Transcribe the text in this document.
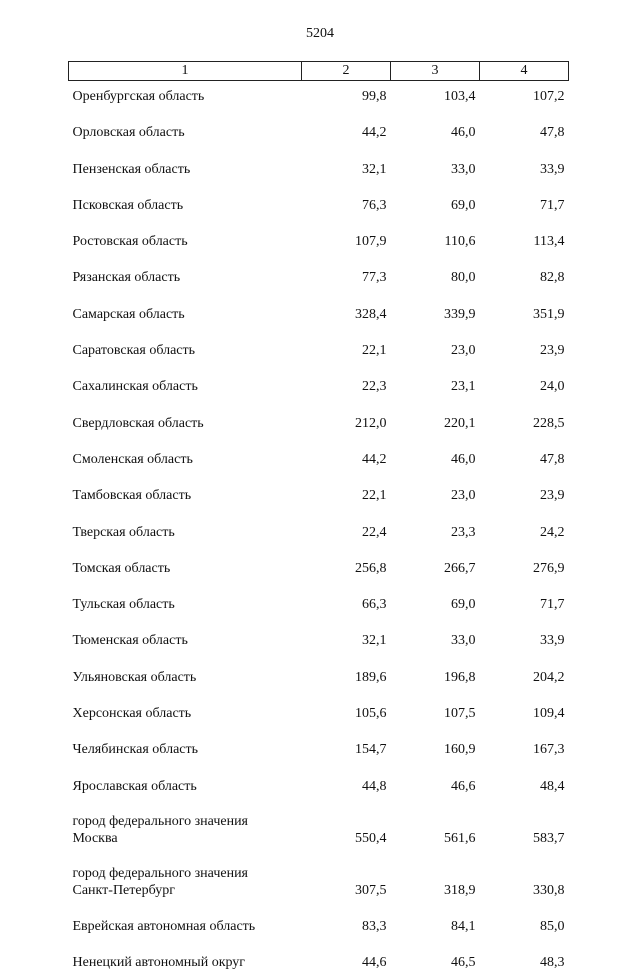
5204
1	2	3	4

Оренбургская область	99,8	103,4	107,2

Орловская область	44,2	46,0	47,8

Пензенская область	32,1	33,0	33,9

Псковская область	76,3	69,0	71,7

Ростовская область	107,9	110,6	113,4

Рязанская область	77,3	80,0	82,8

Самарская область	328,4	339,9	351,9

Саратовская область	22,1	23,0	23,9

Сахалинская область	22,3	23,1	24,0

Свердловская область	212,0	220,1	228,5

Смоленская область	44,2	46,0	47,8

Тамбовская область	22,1	23,0	23,9

Тверская область	22,4	23,3	24,2

Томская область	256,8	266,7	276,9

Тульская область	66,3	69,0	71,7

Тюменская область	32,1	33,0	33,9

Ульяновская область	189,6	196,8	204,2

Херсонская область	105,6	107,5	109,4

Челябинская область	154,7	160,9	167,3

Ярославская область	44,8	46,6	48,4

город федерального значения
Москва	550,4	561,6	583,7

город федерального значения
Санкт-Петербург	307,5	318,9	330,8

Еврейская автономная область	83,3	84,1	85,0

Ненецкий автономный округ	44,6	46,5	48,3
